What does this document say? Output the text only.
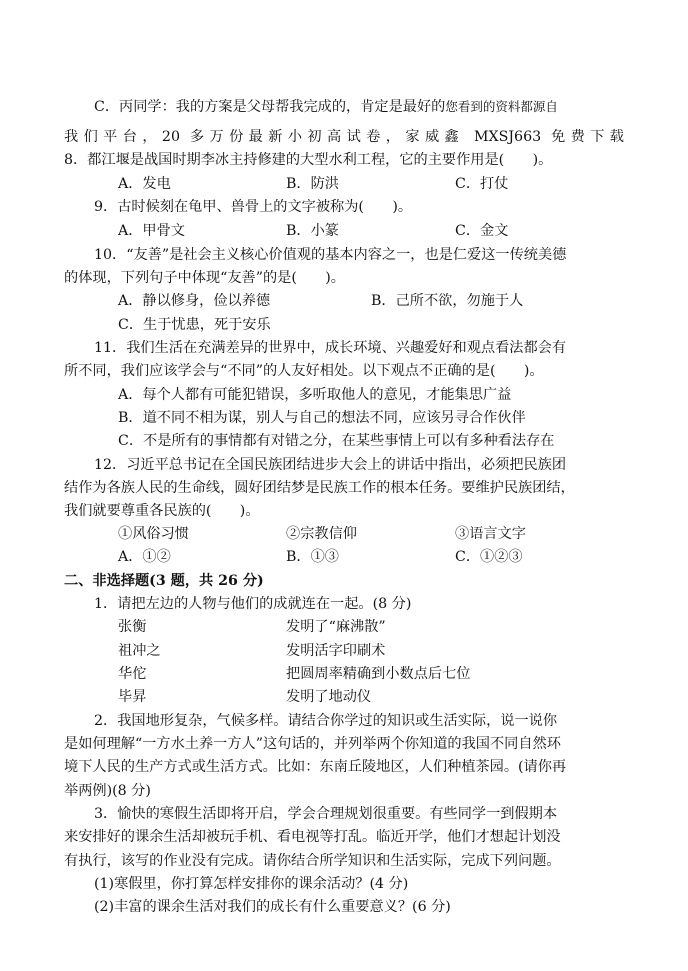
C．丙同学：我的方案是父母帮我完成的，肯定是最好的您看到的资料都源自
我们平台，20 多万份最新小初高试卷，家威鑫 MXSJ663 免费下载
8．都江堰是战国时期李冰主持修建的大型水利工程，它的主要作用是(　　)。
A．发电	B．防洪	C．打仗
9．古时候刻在龟甲、兽骨上的文字被称为(　　)。
A．甲骨文	B．小篆	C．金文
10．“友善”是社会主义核心价值观的基本内容之一，也是仁爱这一传统美德
的体现，下列句子中体现“友善”的是(　　)。
A．静以修身，俭以养德	B．己所不欲，勿施于人
C．生于忧患，死于安乐
11．我们生活在充满差异的世界中，成长环境、兴趣爱好和观点看法都会有
所不同，我们应该学会与“不同”的人友好相处。以下观点不正确的是(　　)。
A．每个人都有可能犯错误，多听取他人的意见，才能集思广益
B．道不同不相为谋，别人与自己的想法不同，应该另寻合作伙伴
C．不是所有的事情都有对错之分，在某些事情上可以有多种看法存在
12．习近平总书记在全国民族团结进步大会上的讲话中指出，必须把民族团
结作为各族人民的生命线，圆好团结梦是民族工作的根本任务。要维护民族团结，
我们就要尊重各民族的(　　)。
①风俗习惯	②宗教信仰	③语言文字
A．①②	B．①③	C．①②③
二、非选择题(3 题，共 26 分)
1．请把左边的人物与他们的成就连在一起。(8 分)
张衡	发明了“麻沸散”
祖冲之	发明活字印刷术
华佗	把圆周率精确到小数点后七位
毕昇	发明了地动仪
2．我国地形复杂，气候多样。请结合你学过的知识或生活实际，说一说你
是如何理解“一方水土养一方人”这句话的，并列举两个你知道的我国不同自然环
境下人民的生产方式或生活方式。比如：东南丘陵地区，人们种植茶园。(请你再
举两例)(8 分)
3．愉快的寒假生活即将开启，学会合理规划很重要。有些同学一到假期本
来安排好的课余生活却被玩手机、看电视等打乱。临近开学，他们才想起计划没
有执行，该写的作业没有完成。请你结合所学知识和生活实际，完成下列问题。
(1)寒假里，你打算怎样安排你的课余活动？(4 分)
(2)丰富的课余生活对我们的成长有什么重要意义？(6 分)
